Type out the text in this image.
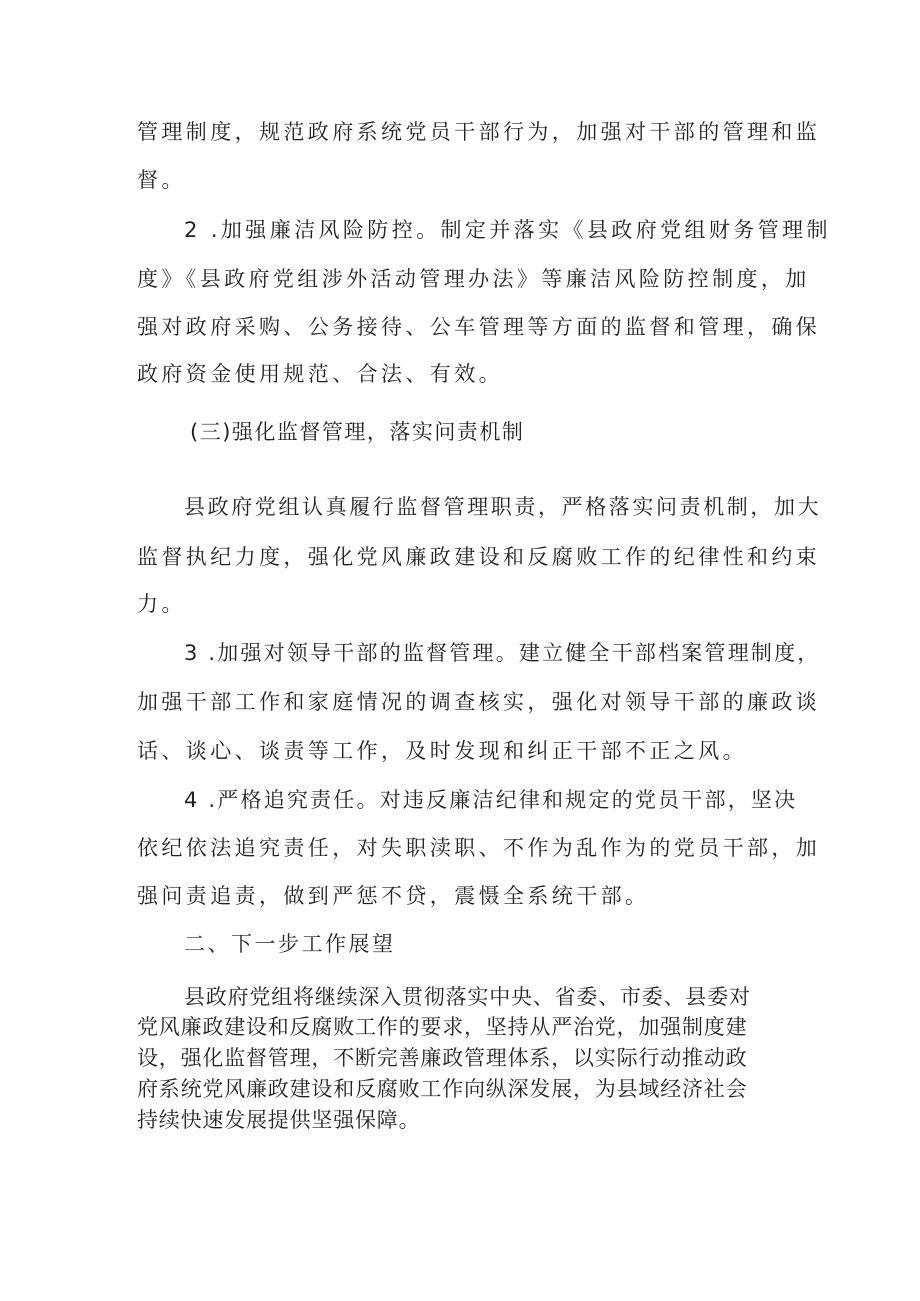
管理制度，规范政府系统党员干部行为，加强对干部的管理和监
督。
2 .加强廉洁风险防控。制定并落实《县政府党组财务管理制
度》《县政府党组涉外活动管理办法》等廉洁风险防控制度，加
强对政府采购、公务接待、公车管理等方面的监督和管理，确保
政府资金使用规范、合法、有效。
(三)强化监督管理，落实问责机制
县政府党组认真履行监督管理职责，严格落实问责机制，加大
监督执纪力度，强化党风廉政建设和反腐败工作的纪律性和约束
力。
3 .加强对领导干部的监督管理。建立健全干部档案管理制度，
加强干部工作和家庭情况的调查核实，强化对领导干部的廉政谈
话、谈心、谈责等工作，及时发现和纠正干部不正之风。
4 .严格追究责任。对违反廉洁纪律和规定的党员干部，坚决
依纪依法追究责任，对失职渎职、不作为乱作为的党员干部，加
强问责追责，做到严惩不贷，震慑全系统干部。
二、下一步工作展望
县政府党组将继续深入贯彻落实中央、省委、市委、县委对
党风廉政建设和反腐败工作的要求，坚持从严治党，加强制度建
设，强化监督管理，不断完善廉政管理体系，以实际行动推动政
府系统党风廉政建设和反腐败工作向纵深发展，为县域经济社会
持续快速发展提供坚强保障。
